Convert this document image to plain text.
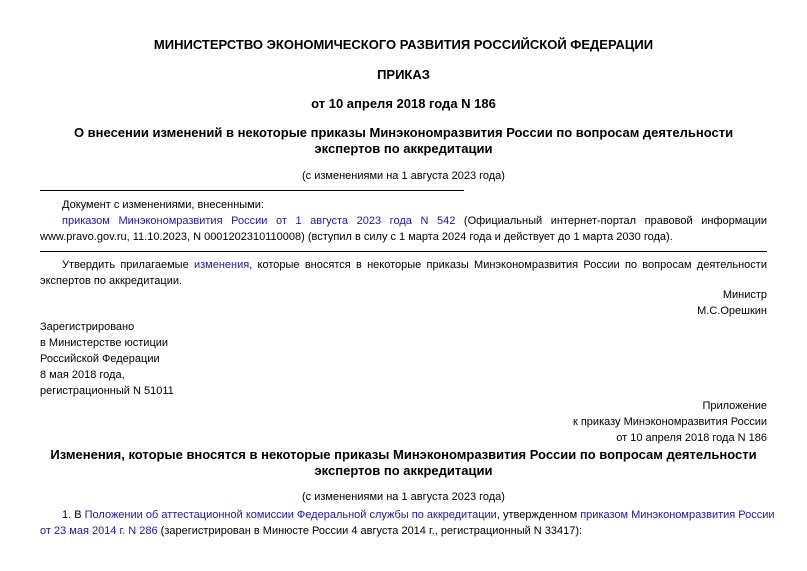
МИНИСТЕРСТВО ЭКОНОМИЧЕСКОГО РАЗВИТИЯ РОССИЙСКОЙ ФЕДЕРАЦИИ
ПРИКАЗ
от 10 апреля 2018 года N 186
О внесении изменений в некоторые приказы Минэкономразвития России по вопросам деятельности
экспертов по аккредитации
(с изменениями на 1 августа 2023 года)
Документ с изменениями, внесенными:
приказом Минэкономразвития России от 1 августа 2023 года N 542 (Официальный интернет-портал правовой информации
www.pravo.gov.ru, 11.10.2023, N 0001202310110008) (вступил в силу с 1 марта 2024 года и действует до 1 марта 2030 года).
Утвердить прилагаемые изменения, которые вносятся в некоторые приказы Минэкономразвития России по вопросам деятельности
экспертов по аккредитации.
Министр
М.С.Орешкин
Зарегистрировано
в Министерстве юстиции
Российской Федерации
8 мая 2018 года,
регистрационный N 51011
Приложение
к приказу Минэкономразвития России
от 10 апреля 2018 года N 186
Изменения, которые вносятся в некоторые приказы Минэкономразвития России по вопросам деятельности
экспертов по аккредитации
(с изменениями на 1 августа 2023 года)
1. В Положении об аттестационной комиссии Федеральной службы по аккредитации, утвержденном приказом Минэкономразвития России
от 23 мая 2014 г. N 286 (зарегистрирован в Минюсте России 4 августа 2014 г., регистрационный N 33417):
